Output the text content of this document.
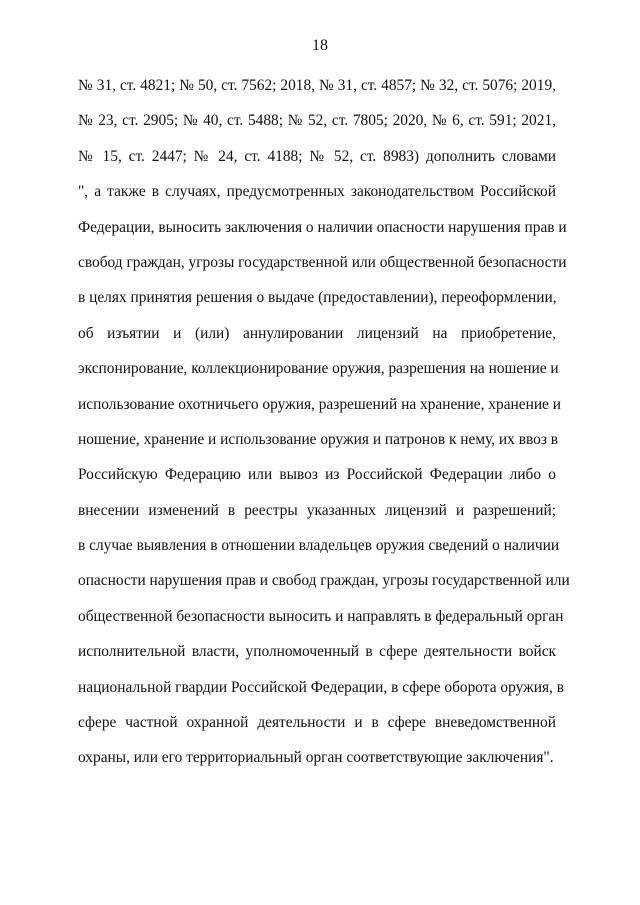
18
№ 31, ст. 4821; № 50, ст. 7562; 2018, № 31, ст. 4857; № 32, ст. 5076; 2019,
№ 23, ст. 2905; № 40, ст. 5488; № 52, ст. 7805; 2020, № 6, ст. 591; 2021,
№ 15, ст. 2447; № 24, ст. 4188; № 52, ст. 8983) дополнить словами
", а также в случаях, предусмотренных законодательством Российской
Федерации, выносить заключения о наличии опасности нарушения прав и
свобод граждан, угрозы государственной или общественной безопасности
в целях принятия решения о выдаче (предоставлении), переоформлении,
об изъятии и (или) аннулировании лицензий на приобретение,
экспонирование, коллекционирование оружия, разрешения на ношение и
использование охотничьего оружия, разрешений на хранение, хранение и
ношение, хранение и использование оружия и патронов к нему, их ввоз в
Российскую Федерацию или вывоз из Российской Федерации либо о
внесении изменений в реестры указанных лицензий и разрешений;
в случае выявления в отношении владельцев оружия сведений о наличии
опасности нарушения прав и свобод граждан, угрозы государственной или
общественной безопасности выносить и направлять в федеральный орган
исполнительной власти, уполномоченный в сфере деятельности войск
национальной гвардии Российской Федерации, в сфере оборота оружия, в
сфере частной охранной деятельности и в сфере вневедомственной
охраны, или его территориальный орган соответствующие заключения".
